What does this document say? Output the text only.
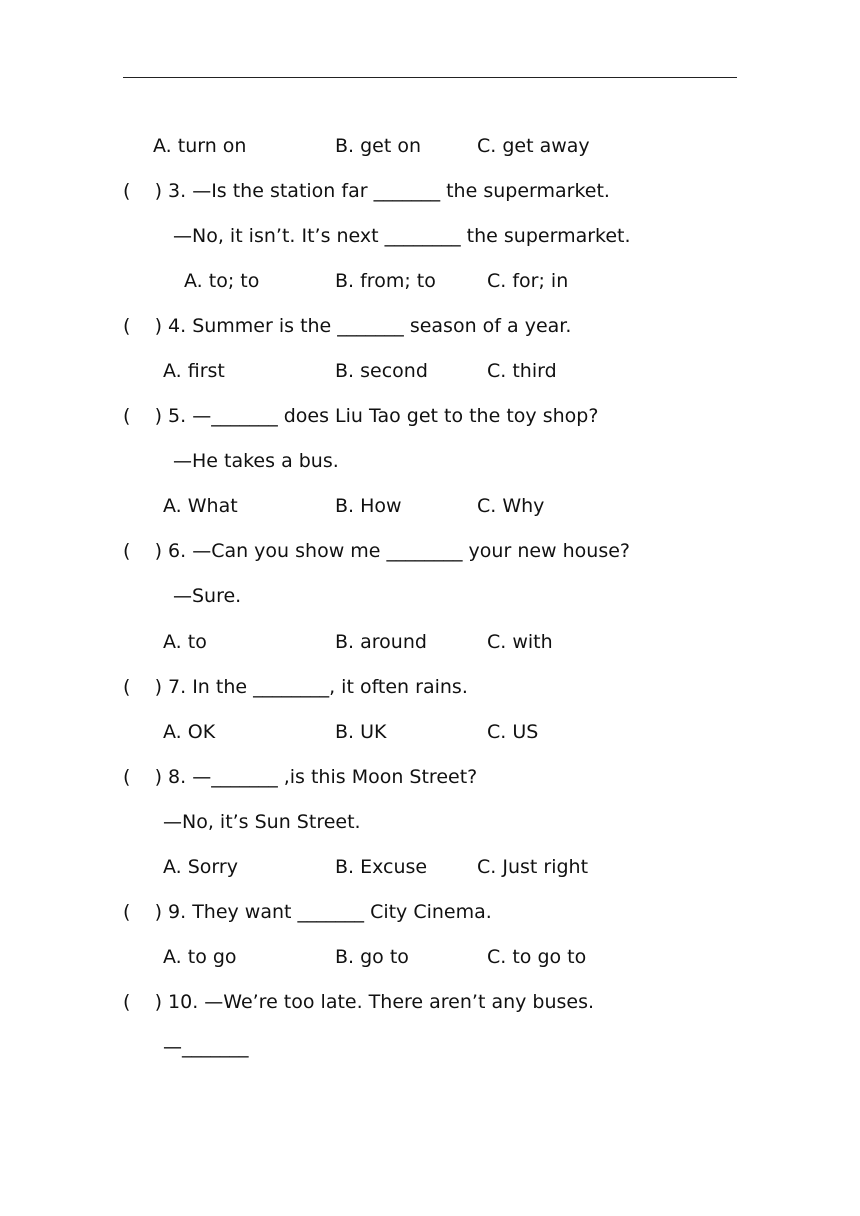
A. turn on	B. get on	C. get away
(    ) 3. —Is the station far _______ the supermarket.
—No, it isn’t. It’s next ________ the supermarket.
A. to; to	B. from; to	C. for; in
(    ) 4. Summer is the _______ season of a year.
A. first	B. second	C. third
(    ) 5. —_______ does Liu Tao get to the toy shop?
—He takes a bus.
A. What	B. How	C. Why
(    ) 6. —Can you show me ________ your new house?
—Sure.
A. to	B. around	C. with
(    ) 7. In the ________, it often rains.
A. OK	B. UK	C. US
(    ) 8. —_______ ,is this Moon Street?
—No, it’s Sun Street.
A. Sorry	B. Excuse	C. Just right
(    ) 9. They want _______ City Cinema.
A. to go	B. go to	C. to go to
(    ) 10. —We’re too late. There aren’t any buses.
—_______
